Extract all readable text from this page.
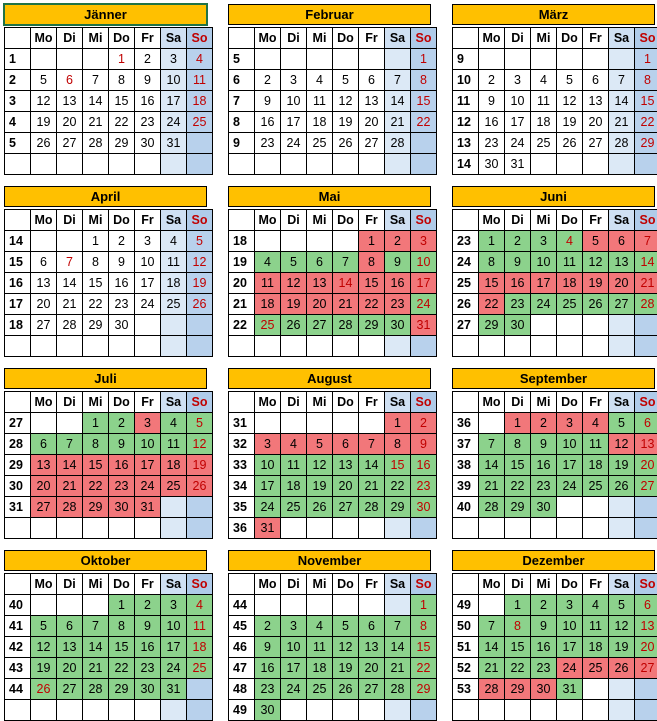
Jänner
	Mo	Di	Mi	Do	Fr	Sa	So
1				1	2	3	4
2	5	6	7	8	9	10	11
3	12	13	14	15	16	17	18
4	19	20	21	22	23	24	25
5	26	27	28	29	30	31	

Februar
	Mo	Di	Mi	Do	Fr	Sa	So
5							1
6	2	3	4	5	6	7	8
7	9	10	11	12	13	14	15
8	16	17	18	19	20	21	22
9	23	24	25	26	27	28	

März
	Mo	Di	Mi	Do	Fr	Sa	So
9							1
10	2	3	4	5	6	7	8
11	9	10	11	12	13	14	15
12	16	17	18	19	20	21	22
13	23	24	25	26	27	28	29
14	30	31					
April
	Mo	Di	Mi	Do	Fr	Sa	So
14			1	2	3	4	5
15	6	7	8	9	10	11	12
16	13	14	15	16	17	18	19
17	20	21	22	23	24	25	26
18	27	28	29	30			

Mai
	Mo	Di	Mi	Do	Fr	Sa	So
18					1	2	3
19	4	5	6	7	8	9	10
20	11	12	13	14	15	16	17
21	18	19	20	21	22	23	24
22	25	26	27	28	29	30	31

Juni
	Mo	Di	Mi	Do	Fr	Sa	So
23	1	2	3	4	5	6	7
24	8	9	10	11	12	13	14
25	15	16	17	18	19	20	21
26	22	23	24	25	26	27	28
27	29	30					

Juli
	Mo	Di	Mi	Do	Fr	Sa	So
27			1	2	3	4	5
28	6	7	8	9	10	11	12
29	13	14	15	16	17	18	19
30	20	21	22	23	24	25	26
31	27	28	29	30	31		

August
	Mo	Di	Mi	Do	Fr	Sa	So
31						1	2
32	3	4	5	6	7	8	9
33	10	11	12	13	14	15	16
34	17	18	19	20	21	22	23
35	24	25	26	27	28	29	30
36	31						
September
	Mo	Di	Mi	Do	Fr	Sa	So
36		1	2	3	4	5	6
37	7	8	9	10	11	12	13
38	14	15	16	17	18	19	20
39	21	22	23	24	25	26	27
40	28	29	30				

Oktober
	Mo	Di	Mi	Do	Fr	Sa	So
40				1	2	3	4
41	5	6	7	8	9	10	11
42	12	13	14	15	16	17	18
43	19	20	21	22	23	24	25
44	26	27	28	29	30	31	

November
	Mo	Di	Mi	Do	Fr	Sa	So
44							1
45	2	3	4	5	6	7	8
46	9	10	11	12	13	14	15
47	16	17	18	19	20	21	22
48	23	24	25	26	27	28	29
49	30						
Dezember
	Mo	Di	Mi	Do	Fr	Sa	So
49		1	2	3	4	5	6
50	7	8	9	10	11	12	13
51	14	15	16	17	18	19	20
52	21	22	23	24	25	26	27
53	28	29	30	31			
